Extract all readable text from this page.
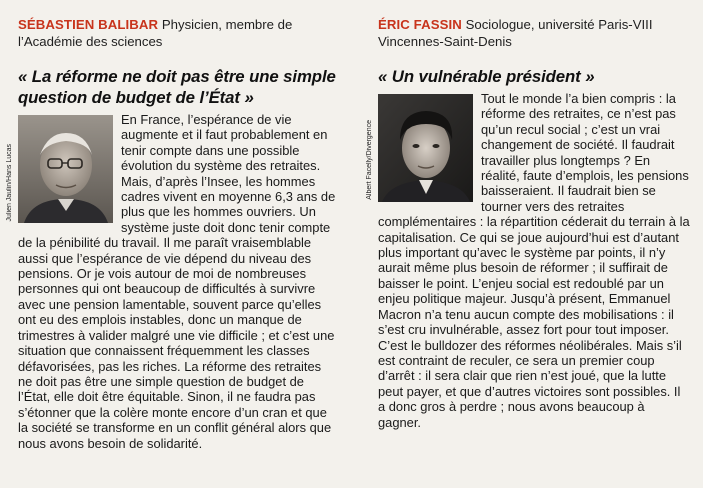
SÉBASTIEN BALIBAR Physicien, membre de l’Académie des sciences

« La réforme ne doit pas être une simple question de budget de l’État »
Julien Jaulin/Hans Lucas
En France, l’espérance de vie augmente et il faut probablement en tenir compte dans une possible évolution du système des retraites. Mais, d’après l’Insee, les hommes cadres vivent en moyenne 6,3 ans de plus que les hommes ouvriers. Un système juste doit donc tenir compte de la pénibilité du travail. Il me paraît vraisemblable aussi que l’espérance de vie dépend du niveau des pensions. Or je vois autour de moi de nombreuses personnes qui ont beaucoup de difficultés à survivre avec une pension lamentable, souvent parce qu’elles ont eu des emplois instables, donc un manque de trimestres à valider malgré une vie difficile ; et c’est une situation que connaissent fréquemment les classes défavorisées, pas les riches. La réforme des retraites ne doit pas être une simple question de budget de l’État, elle doit être équitable. Sinon, il ne faudra pas s’étonner que la colère monte encore d’un cran et que la société se transforme en un conflit général alors que nous avons besoin de solidarité.

ÉRIC FASSIN Sociologue, université Paris-VIII Vincennes-Saint-Denis

« Un vulnérable président »
Albert Facelly/Divergence
Tout le monde l’a bien compris : la réforme des retraites, ce n’est pas qu’un recul social ; c’est un vrai changement de société. Il faudrait travailler plus longtemps ? En réalité, faute d’emplois, les pensions baisseraient. Il faudrait bien se tourner vers des retraites complémentaires : la répartition céderait du terrain à la capitalisation. Ce qui se joue aujourd’hui est d’autant plus important qu’avec le système par points, il n’y aurait même plus besoin de réformer ; il suffirait de baisser le point. L’enjeu social est redoublé par un enjeu politique majeur. Jusqu’à présent, Emmanuel Macron n’a tenu aucun compte des mobilisations : il s’est cru invulnérable, assez fort pour tout imposer. C’est le bulldozer des réformes néolibérales. Mais s’il est contraint de reculer, ce sera un premier coup d’arrêt : il sera clair que rien n’est joué, que la lutte peut payer, et que d’autres victoires sont possibles. Il a donc gros à perdre ; nous avons beaucoup à gagner.
